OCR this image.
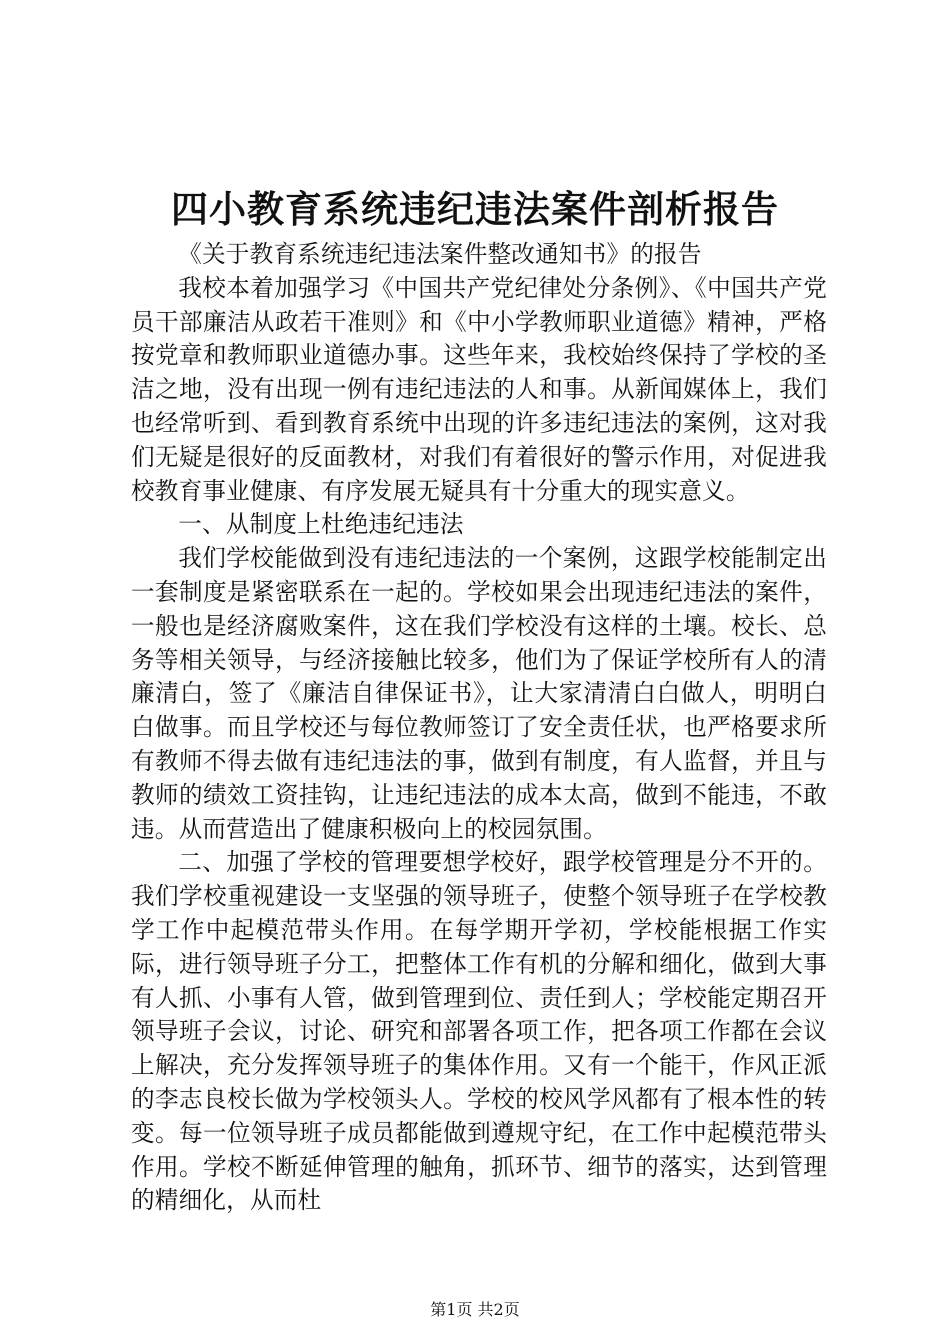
四小教育系统违纪违法案件剖析报告

《关于教育系统违纪违法案件整改通知书》的报告

我校本着加强学习《中国共产党纪律处分条例》、《中国共产党员干部廉洁从政若干准则》和《中小学教师职业道德》精神，严格按党章和教师职业道德办事。这些年来，我校始终保持了学校的圣洁之地，没有出现一例有违纪违法的人和事。从新闻媒体上，我们也经常听到、看到教育系统中出现的许多违纪违法的案例，这对我们无疑是很好的反面教材，对我们有着很好的警示作用，对促进我校教育事业健康、有序发展无疑具有十分重大的现实意义。

一、从制度上杜绝违纪违法

我们学校能做到没有违纪违法的一个案例，这跟学校能制定出一套制度是紧密联系在一起的。学校如果会出现违纪违法的案件，一般也是经济腐败案件，这在我们学校没有这样的土壤。校长、总务等相关领导，与经济接触比较多，他们为了保证学校所有人的清廉清白，签了《廉洁自律保证书》，让大家清清白白做人，明明白白做事。而且学校还与每位教师签订了安全责任状，也严格要求所有教师不得去做有违纪违法的事，做到有制度，有人监督，并且与教师的绩效工资挂钩，让违纪违法的成本太高，做到不能违，不敢违。从而营造出了健康积极向上的校园氛围。

二、加强了学校的管理要想学校好，跟学校管理是分不开的。我们学校重视建设一支坚强的领导班子，使整个领导班子在学校教学工作中起模范带头作用。在每学期开学初，学校能根据工作实际，进行领导班子分工，把整体工作有机的分解和细化，做到大事有人抓、小事有人管，做到管理到位、责任到人；学校能定期召开领导班子会议，讨论、研究和部署各项工作，把各项工作都在会议上解决，充分发挥领导班子的集体作用。又有一个能干，作风正派的李志良校长做为学校领头人。学校的校风学风都有了根本性的转变。每一位领导班子成员都能做到遵规守纪，在工作中起模范带头作用。学校不断延伸管理的触角，抓环节、细节的落实，达到管理的精细化，从而杜

第1页 共2页
